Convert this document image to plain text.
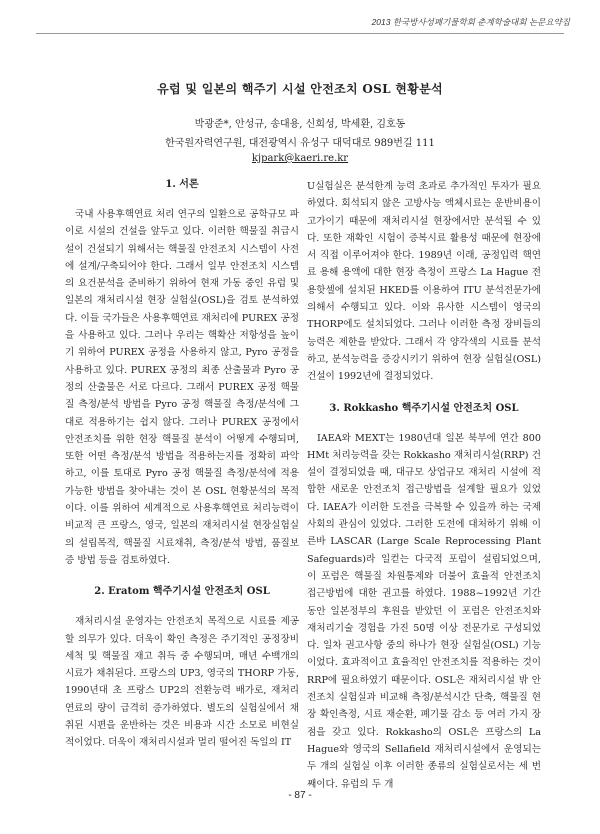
2013 한국방사성폐기물학회 춘계학술대회 논문요약집

유럽 및 일본의 핵주기 시설 안전조치 OSL 현황분석

박광준*, 안성규, 송대용, 신희성, 박세환, 김호동

한국원자력연구원, 대전광역시 유성구 대덕대로 989번길 111

kjpark@kaeri.re.kr

1. 서론

국내 사용후핵연료 처리 연구의 일환으로 공학규모 파이로 시설의 건설을 앞두고 있다. 이러한 핵물질 취급시설이 건설되기 위해서는 핵물질 안전조치 시스템이 사전에 설계/구축되어야 한다. 그래서 일부 안전조치 시스템의 요건분석을 준비하기 위하여 현재 가동 중인 유럽 및 일본의 재처리시설 현장 실험실(OSL)을 검토 분석하였다. 이들 국가들은 사용후핵연료 재처리에 PUREX 공정을 사용하고 있다. 그러나 우리는 핵확산 저항성을 높이기 위하여 PUREX 공정을 사용하지 않고, Pyro 공정을 사용하고 있다. PUREX 공정의 최종 산출물과 Pyro 공정의 산출물은 서로 다르다. 그래서 PUREX 공정 핵물질 측정/분석 방법을 Pyro 공정 핵물질 측정/분석에 그대로 적용하기는 쉽지 않다. 그러나 PUREX 공정에서 안전조치를 위한 현장 핵물질 분석이 어떻게 수행되며, 또한 어떤 측정/분석 방법을 적용하는지를 정확히 파악하고, 이를 토대로 Pyro 공정 핵물질 측정/분석에 적용 가능한 방법을 찾아내는 것이 본 OSL 현황분석의 목적이다. 이를 위하여 세계적으로 사용후핵연료 처리능력이 비교적 큰 프랑스, 영국, 일본의 재처리시설 현장실험실의 설립목적, 핵물질 시료채취, 측정/분석 방법, 품질보증 방법 등을 검토하였다.

2. Eratom 핵주기시설 안전조치 OSL

재처리시설 운영자는 안전조치 목적으로 시료를 제공할 의무가 있다. 더욱이 확인 측정은 주기적인 공정장비 세척 및 핵물질 재고 취득 중 수행되며, 매년 수백개의 시료가 채취된다. 프랑스의 UP3, 영국의 THORP 가동, 1990년대 초 프랑스 UP2의 전환능력 배가로, 재처리 연료의 량이 급격히 증가하였다. 별도의 실험실에서 채취된 시편을 운반하는 것은 비용과 시간 소모로 비현실적이었다. 더욱이 재처리시설과 멀리 떨어진 독일의 IT

U실험실은 분석한계 능력 초과로 추가적인 투자가 필요하였다. 회석되지 않은 고방사능 액체시료는 운반비용이 고가이기 때문에 재처리시설 현장에서만 분석될 수 있다. 또한 재확인 시험이 증복시료 활용성 때문에 현장에서 직접 이루어져야 한다. 1989년 이래, 공정입력 핵연료 용해 용액에 대한 현장 측정이 프랑스 La Hague 전용핫셀에 설치된 HKED를 이용하여 ITU 분석전문가에 의해서 수행되고 있다. 이와 유사한 시스템이 영국의 THORP에도 설치되었다. 그러나 이러한 측정 장비들의 능력은 제한을 받았다. 그래서 각 양각색의 시료를 분석하고, 분석능력을 증강시키기 위하여 현장 실험실(OSL) 건설이 1992년에 결정되었다.

3. Rokkasho 핵주기시설 안전조치 OSL

IAEA와 MEXT는 1980년대 일본 북부에 연간 800 HMt 처리능력을 갖는 Rokkasho 재처리시설(RRP) 건설이 결정되었을 때, 대규모 상업규모 재처리 시설에 적합한 새로운 안전조치 접근방법을 설계할 필요가 있었다. IAEA가 이러한 도전을 극복할 수 있을까 하는 국제사회의 관심이 있었다. 그러한 도전에 대처하기 위해 이른바 LASCAR (Large Scale Reprocessing Plant Safeguards)라 일컫는 다국적 포럼이 설립되었으며, 이 포럼은 핵물질 차원통제와 더불어 효율적 안전조치 접근방법에 대한 권고를 하였다. 1988~1992년 기간 동안 일본정부의 후원을 받았던 이 포럼은 안전조치와 재처리기술 경험을 가진 50명 이상 전문가로 구성되었다. 일차 권고사항 중의 하나가 현장 실험실(OSL) 기능이었다. 효과적이고 효율적인 안전조치를 적용하는 것이 RRP에 필요하였기 때문이다. OSL은 재처리시설 밖 안전조치 실험실과 비교해 측정/분석시간 단축, 핵물질 현장 확인측정, 시료 재순환, 폐기물 감소 등 여러 가지 장점을 갖고 있다. Rokkasho의 OSL은 프랑스의 La Hague와 영국의 Sellafield 재처리시설에서 운영되는 두 개의 실험실 이후 이러한 종류의 실험실로서는 세 번째이다. 유럽의 두 개

- 87 -
